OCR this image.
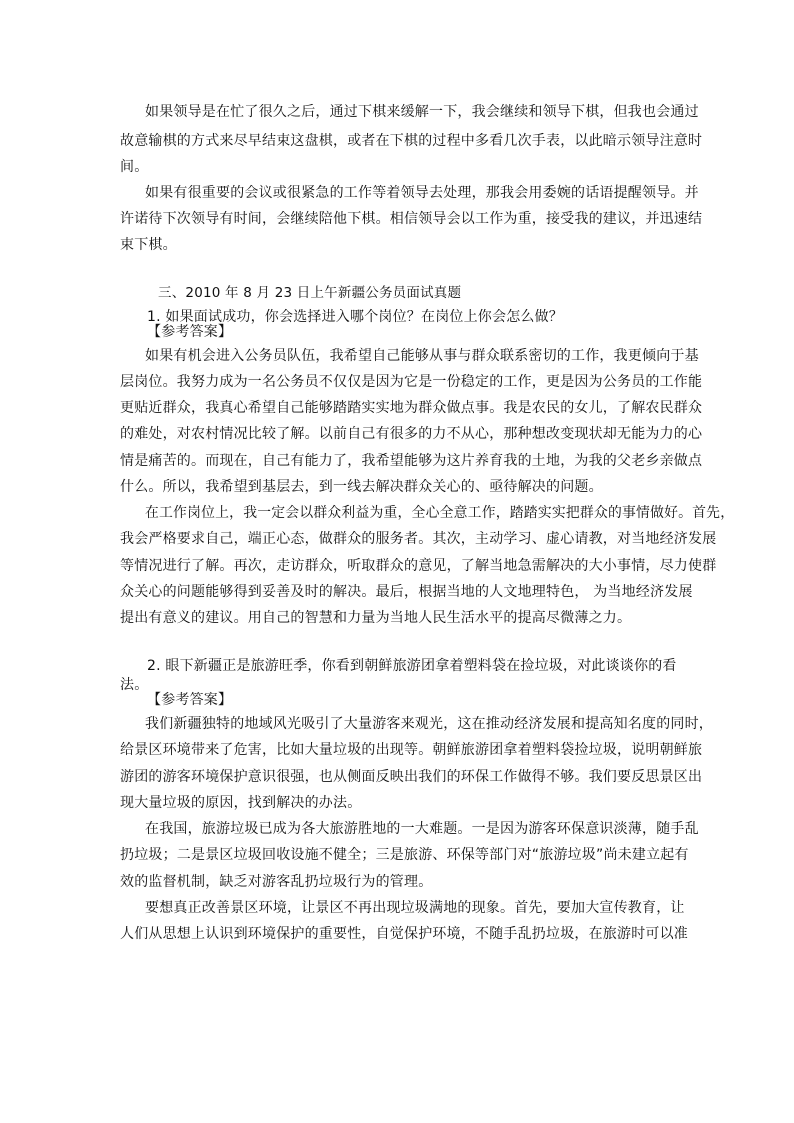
如果领导是在忙了很久之后，通过下棋来缓解一下，我会继续和领导下棋，但我也会通过
故意输棋的方式来尽早结束这盘棋，或者在下棋的过程中多看几次手表，以此暗示领导注意时
间。
如果有很重要的会议或很紧急的工作等着领导去处理，那我会用委婉的话语提醒领导。并
许诺待下次领导有时间，会继续陪他下棋。相信领导会以工作为重，接受我的建议，并迅速结
束下棋。
三、2010 年 8 月 23 日上午新疆公务员面试真题
1. 如果面试成功，你会选择进入哪个岗位？在岗位上你会怎么做？
【参考答案】
如果有机会进入公务员队伍，我希望自己能够从事与群众联系密切的工作，我更倾向于基
层岗位。我努力成为一名公务员不仅仅是因为它是一份稳定的工作，更是因为公务员的工作能
更贴近群众，我真心希望自己能够踏踏实实地为群众做点事。我是农民的女儿，了解农民群众
的难处，对农村情况比较了解。以前自己有很多的力不从心，那种想改变现状却无能为力的心
情是痛苦的。而现在，自己有能力了，我希望能够为这片养育我的土地，为我的父老乡亲做点
什么。所以，我希望到基层去，到一线去解决群众关心的、亟待解决的问题。
在工作岗位上，我一定会以群众利益为重，全心全意工作，踏踏实实把群众的事情做好。首先，
我会严格要求自己，端正心态，做群众的服务者。其次，主动学习、虚心请教，对当地经济发展
等情况进行了解。再次，走访群众，听取群众的意见，了解当地急需解决的大小事情，尽力使群
众关心的问题能够得到妥善及时的解决。最后，根据当地的人文地理特色， 为当地经济发展
提出有意义的建议。用自己的智慧和力量为当地人民生活水平的提高尽微薄之力。
2. 眼下新疆正是旅游旺季，你看到朝鲜旅游团拿着塑料袋在捡垃圾，对此谈谈你的看
法。
【参考答案】
我们新疆独特的地域风光吸引了大量游客来观光，这在推动经济发展和提高知名度的同时，
给景区环境带来了危害，比如大量垃圾的出现等。朝鲜旅游团拿着塑料袋捡垃圾，说明朝鲜旅
游团的游客环境保护意识很强，也从侧面反映出我们的环保工作做得不够。我们要反思景区出
现大量垃圾的原因，找到解决的办法。
在我国，旅游垃圾已成为各大旅游胜地的一大难题。一是因为游客环保意识淡薄，随手乱
扔垃圾；二是景区垃圾回收设施不健全；三是旅游、环保等部门对“旅游垃圾”尚未建立起有
效的监督机制，缺乏对游客乱扔垃圾行为的管理。
要想真正改善景区环境，让景区不再出现垃圾满地的现象。首先，要加大宣传教育，让
人们从思想上认识到环境保护的重要性，自觉保护环境，不随手乱扔垃圾，在旅游时可以准
